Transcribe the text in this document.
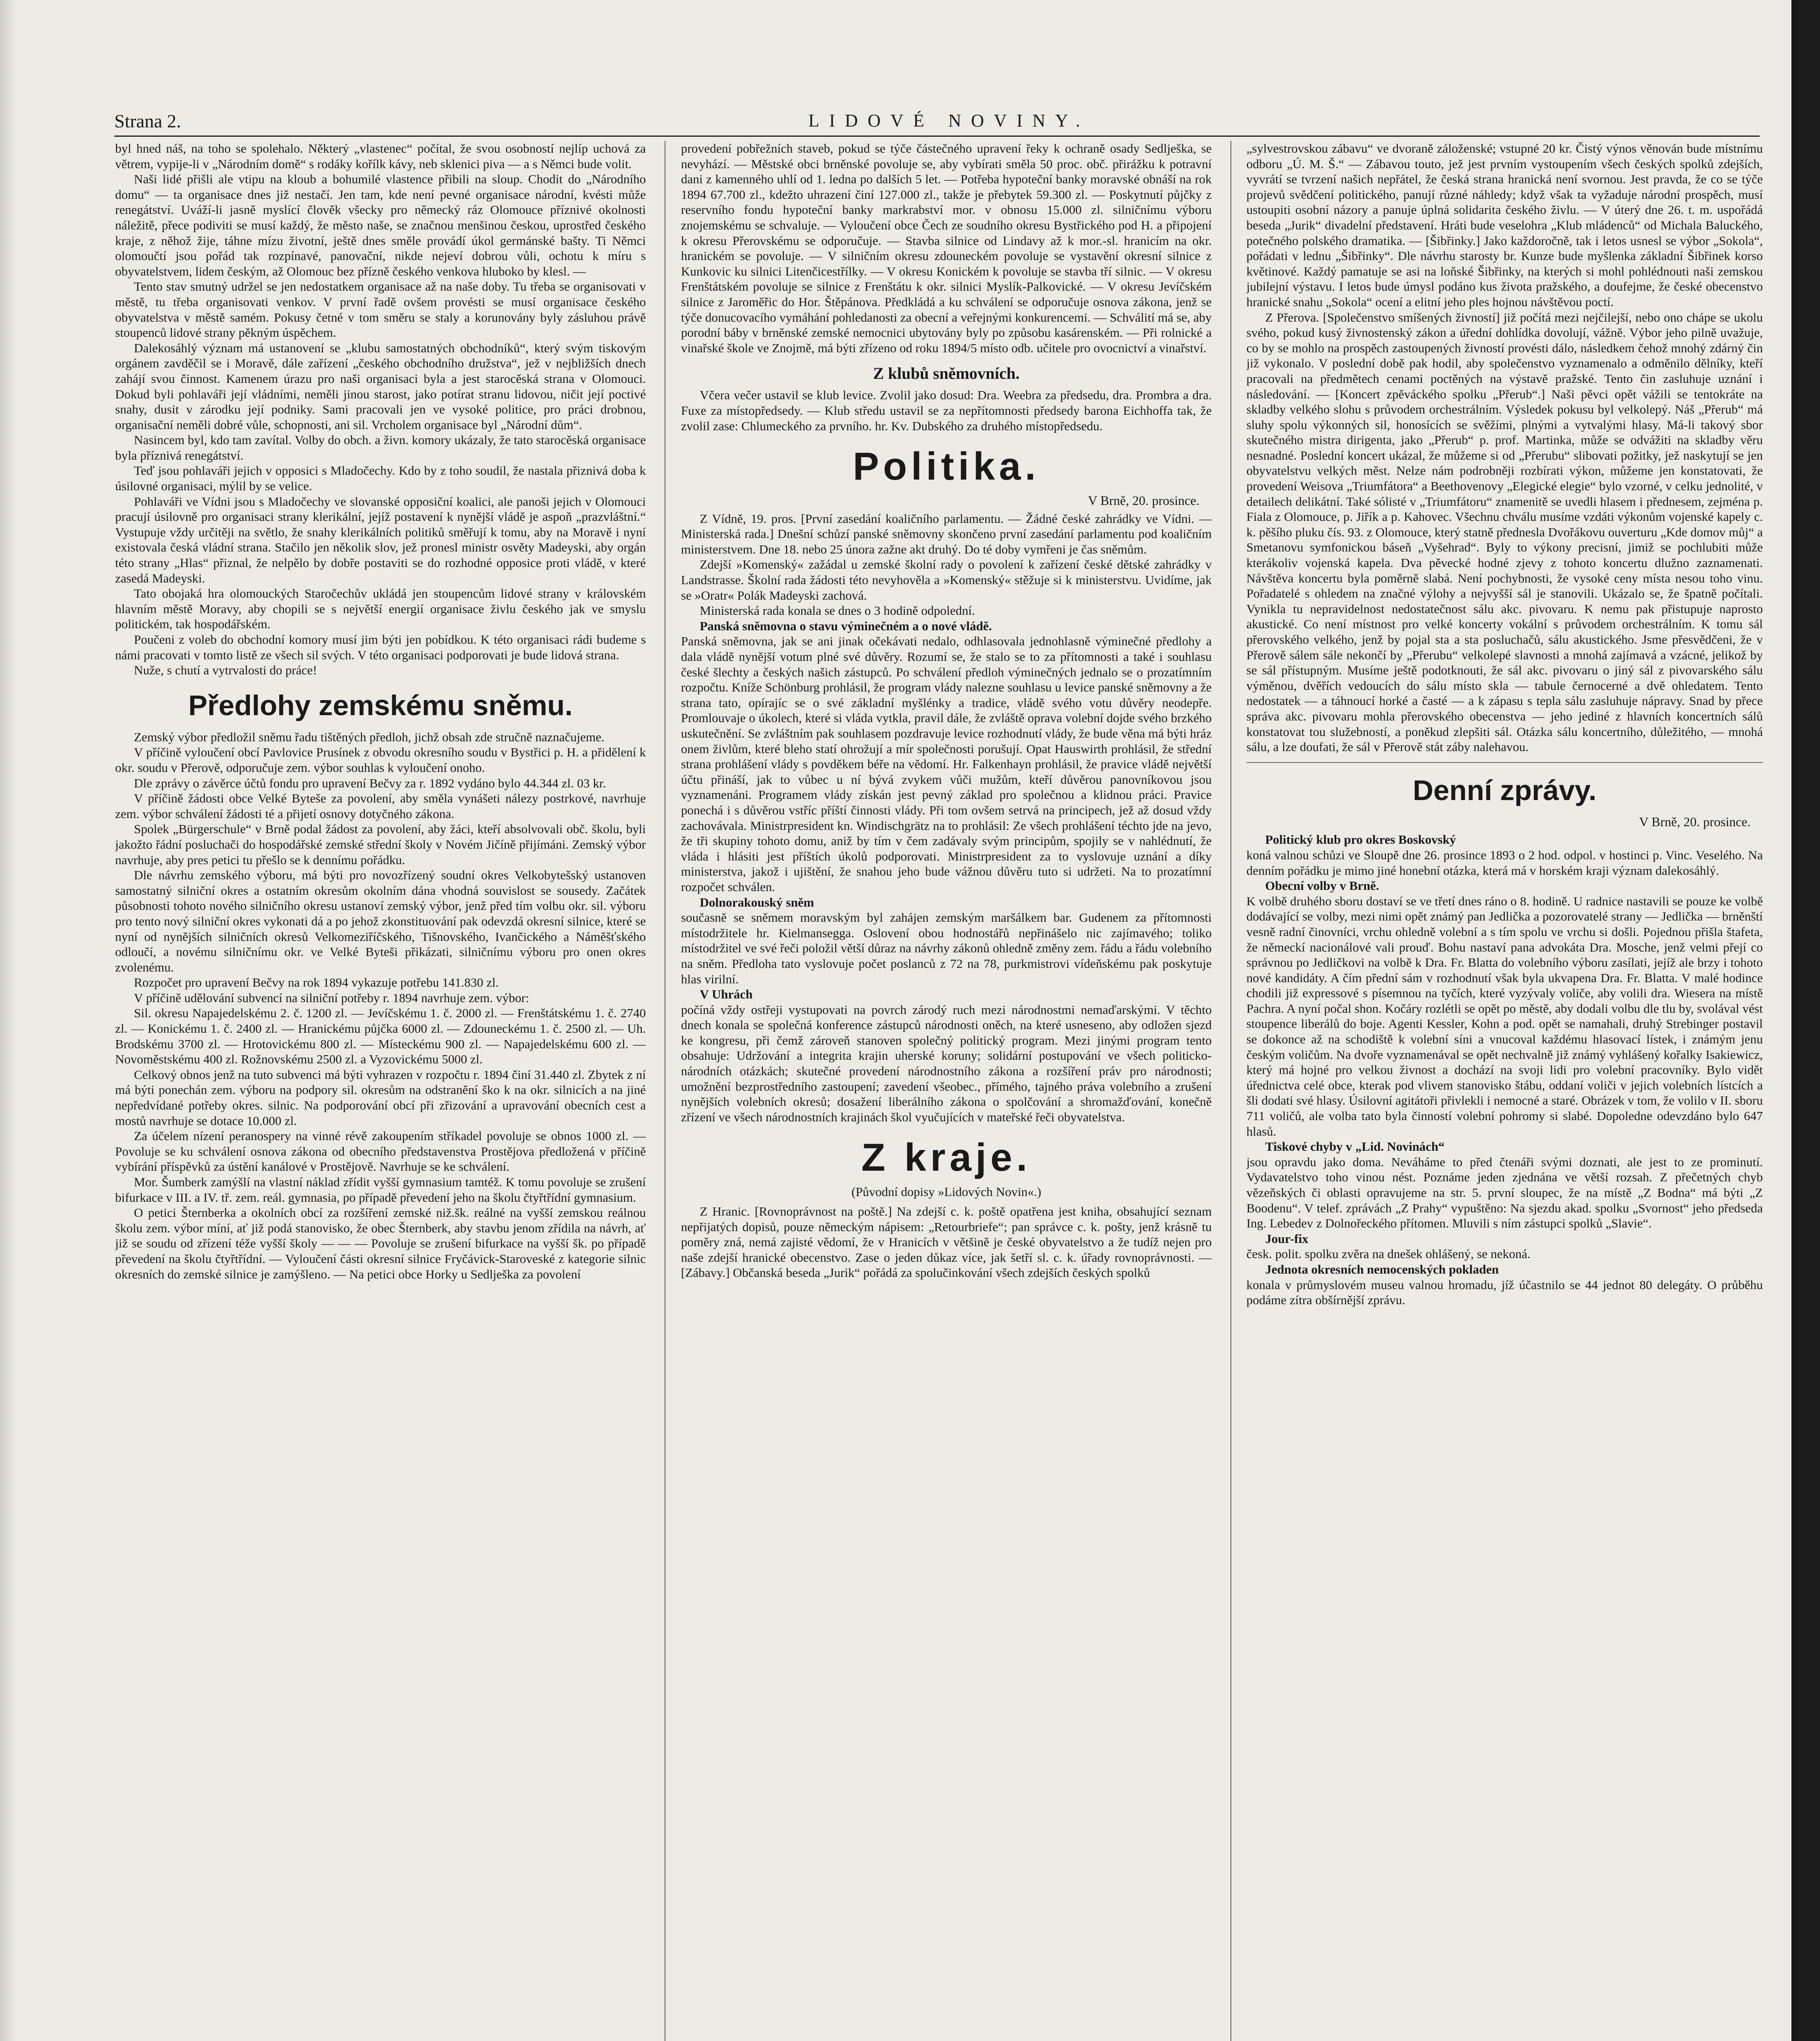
Strana 2.	LIDOVÉ NOVINY.

byl hned náš, na toho se spolehalo. Některý „vlastenec“ počítal, že svou osobností nejlíp uchová za větrem, vypije-li v „Národním domě“ s rodáky kořílk kávy, neb sklenici piva — a s Němci bude volit.

Naši lidé přišli ale vtipu na kloub a bohumilé vlastence přibili na sloup. Chodit do „Národního domu“ — ta organisace dnes již nestačí. Jen tam, kde není pevné organisace národní, kvésti může renegátství. Uváží-li jasně myslící člověk všecky pro německý ráz Olomouce příznivé okolnosti náležitě, přece podiviti se musí každý, že město naše, se značnou menšinou českou, uprostřed českého kraje, z něhož žije, táhne mízu životní, ještě dnes směle provádí úkol germánské bašty. Ti Němci olomoučtí jsou pořád tak rozpínavé, panovační, nikde nejeví dobrou vůli, ochotu k míru s obyvatelstvem, lidem českým, až Olomouc bez přízně českého venkova hluboko by klesl. —

Tento stav smutný udržel se jen nedostatkem organisace až na naše doby. Tu třeba se organisovati v městě, tu třeba organisovati venkov. V první řadě ovšem provésti se musí organisace českého obyvatelstva v městě samém. Pokusy četné v tom směru se staly a korunovány byly zásluhou právě stoupenců lidové strany pěkným úspěchem.

Dalekosáhlý význam má ustanovení se „klubu samostatných obchodníků“, který svým tiskovým orgánem zavděčil se i Moravě, dále zařízení „českého obchodního družstva“, jež v nejbližších dnech zahájí svou činnost. Kamenem úrazu pro naši organisaci byla a jest starocěská strana v Olomouci. Dokud byli pohlaváři její vládními, neměli jinou starost, jako potírat stranu lidovou, ničit její poctivé snahy, dusit v zárodku její podniky. Sami pracovali jen ve vysoké politice, pro práci drobnou, organisační neměli dobré vůle, schopnosti, ani sil. Vrcholem organisace byl „Národní dům“.

Nasincem byl, kdo tam zavítal. Volby do obch. a živn. komory ukázaly, že tato starocěská organisace byla příznivá renegátství.

Teď jsou pohlaváři jejich v opposici s Mladočechy. Kdo by z toho soudil, že nastala přiznivá doba k úsilovné organisaci, mýlil by se velice.

Pohlaváři ve Vídni jsou s Mladočechy ve slovanské opposiční koalici, ale panoši jejich v Olomouci pracují úsilovně pro organisaci strany klerikální, jejíž postavení k nynější vládě je aspoň „prazvláštní.“ Vystupuje vždy určitěji na světlo, že snahy klerikálních politiků směřují k tomu, aby na Moravě i nyní existovala česká vládní strana. Stačilo jen několik slov, jež pronesl ministr osvěty Madeyski, aby orgán této strany „Hlas“ přiznal, že nelpělo by dobře postaviti se do rozhodné opposice proti vládě, v které zasedá Madeyski.

Tato obojaká hra olomouckých Staročechův ukládá jen stoupencům lidové strany v královském hlavním městě Moravy, aby chopili se s největší energií organisace živlu českého jak ve smyslu politickém, tak hospodářském.

Poučeni z voleb do obchodní komory musí jim býti jen pobídkou. K této organisaci rádi budeme s námi pracovati v tomto listě ze všech sil svých. V této organisaci podporovati je bude lidová strana.

Nuže, s chutí a vytrvalosti do práce!

Předlohy zemskému sněmu.

Zemský výbor předložil sněmu řadu tištěných předloh, jichž obsah zde stručně naznačujeme.

V příčině vyloučení obcí Pavlovice Prusínek z obvodu okresního soudu v Bystřici p. H. a přidělení k okr. soudu v Přerově, odporučuje zem. výbor souhlas k vyloučení onoho.

Dle zprávy o závěrce účtů fondu pro upravení Bečvy za r. 1892 vydáno bylo 44.344 zl. 03 kr.

V příčině žádosti obce Velké Bytešе za povolení, aby směla vynášeti nálezy postrkové, navrhuje zem. výbor schválení žádosti té a přijetí osnovy dotyčného zákona.

Spolek „Bürgerschule“ v Brně podal žádost za povolení, aby žáci, kteří absolvovali obč. školu, byli jakožto řádní posluchači do hospodářské zemské střední školy v Novém Jičíně přijímáni. Zemský výbor navrhuje, aby pres petici tu přešlo se k dennímu pořádku.

Dle návrhu zemského výboru, má býti pro novozřízený soudní okres Velkobytešský ustanoven samostatný silniční okres a ostatním okresům okolním dána vhodná souvislost se sousedy. Začátek působnosti tohoto nového silničního okresu ustanoví zemský výbor, jenž před tím volbu okr. sil. výboru pro tento nový silniční okres vykonati dá a po jehož zkonstituování pak odevzdá okresní silnice, které se nyní od nynějších silničních okresů Velkomeziříčského, Tišnovského, Ivančického a Náměšťského odloučí, a novému silničnímu okr. ve Velké Bytešі přikázati, silničnímu výboru pro onen okres zvolenému.

Rozpočet pro upravení Bečvy na rok 1894 vykazuje potřebu 141.830 zl.

V příčině udělování subvencí na silniční potřeby r. 1894 navrhuje zem. výbor:

Sil. okresu Napajedelskému 2. č. 1200 zl. — Jevíčskému 1. č. 2000 zl. — Frenštátskému 1. č. 2740 zl. — Konickému 1. č. 2400 zl. — Hranickému půjčka 6000 zl. — Zdounеckému 1. č. 2500 zl. — Uh. Brodskému 3700 zl. — Hrotovickému 800 zl. — Místeckému 900 zl. — Napajedelskému 600 zl. — Novoměstskému 400 zl. Rožnovskému 2500 zl. a Vyzovickému 5000 zl.

Celkový obnos jenž na tuto subvenci má býti vyhrazen v rozpočtu r. 1894 činí 31.440 zl. Zbytek z ní má býti ponechán zem. výboru na podpory sil. okresům na odstranění ško k na okr. silnicích a na jiné nepředvídané potřeby okres. silnic. Na podporování obcí při zřizování a upravování obecních cest a mostů navrhuje se dotace 10.000 zl.

Za účelem nízení peranospery na vinné révě zakoupením stříkadel povoluje se obnos 1000 zl. — Povoluje se ku schválení osnova zákona od obecního představenstva Prostějova předložená v příčině vybírání příspěvků za ústění kanálové v Prostějově. Navrhuje se ke schválení.

Mor. Šumberk zamýšlí na vlastní náklad zřídit vyšší gymnasium tamtéž. K tomu povoluje se zrušení bifurkace v III. a IV. tř. zem. reál. gymnasia, po případě převedení jeho na školu čtyřtřídní gymnasium.

O petici Šternberka a okolních obcí za rozšíření zemské niž.šk. reálné na vyšší zemskou reálnou školu zem. výbor míní, ať již podá stanovisko, že obec Šternberk, aby stavbu jenom zřídila na návrh, ať již se soudu od zřízení téže vyšší školy — — — Povoluje se zrušení bifurkace na vyšší šk. po případě převedení na školu čtyřtřídní. — Vyloučení části okresní silnice Fryčávick-Staroveské z kategorie silnic okresních do zemské silnice je zamýšleno. — Na petici obce Horky u Sedlješka za povolení

provedení pobřežních staveb, pokud se týče částečného upravení řeky k ochraně osady Sedlješka, se nevyhází. — Městské obci brněnské povoluje se, aby vybírati směla 50 proc. obč. přirážku k potravní dani z kamenného uhlí od 1. ledna po dalších 5 let. — Potřeba hypoteční banky moravské obnáší na rok 1894 67.700 zl., kdežto uhrazení činí 127.000 zl., takže je přebytek 59.300 zl. — Poskytnutí půjčky z reservního fondu hypoteční banky markrabství mor. v obnosu 15.000 zl. silničnímu výboru znojemskému se schvaluje. — Vyloučení obce Čech ze soudního okresu Bystřického pod H. a připojení k okresu Přerovskému se odporučuje. — Stavba silnice od Lindavy až k mor.-sl. hranicím na okr. hranickém se povoluje. — V silničním okresu zdounеckém povoluje se vystavění okresní silnice z Kunkovic ku silnici Litenčicestřílky. — V okresu Konickém k povoluje se stavba tří silnic. — V okresu Frenštátském povoluje se silnice z Frenštátu k okr. silnici Myslík-Palkovické. — V okresu Jevíčském silnice z Jaroměřic do Hor. Štěpánova. Předkládá a ku schválení se odporučuje osnova zákona, jenž se týče donucovacího vymáhání pohledanosti za obecní a veřejnými konkurencemi. — Schválití má se, aby porodní báby v brněnské zemské nemocnici ubytovány byly po způsobu kasárenském. — Při rolnické a vinařské škole ve Znojmě, má býti zřízeno od roku 1894/5 místo odb. učitele pro ovocnictví a vinařství.

Z klubů sněmovních.

Včera večer ustavil se klub levice. Zvolil jako dosud: Dra. Weebra za předsedu, dra. Prombra a dra. Fuxe za místopředsedy. — Klub středu ustavil se za nepřítomnosti předsedy barona Eichhoffa tak, že zvolil zase: Chlumeckého za prvního. hr. Kv. Dubského za druhého místopředsedu.

Politika.
V Brně, 20. prosince.

Z Vídně, 19. pros. [První zasedání koaličního parlamentu. — Žádné české zahrádky ve Vídni. — Ministerská rada.] Dnešní schůzí panské sněmovny skončeno první zasedání parlamentu pod koaličním ministerstvem. Dne 18. nebo 25 února zažne akt druhý. Do té doby vymřeni je čas sněmům.

Zdejší »Komenský« zažádal u zemské školní rady o povolení k zařízení české dětské zahrádky v Landstrasse. Školní rada žádosti této nevyhověla a »Komenský« stěžuje si k ministerstvu. Uvidíme, jak se »Oratr« Polák Madeyski zachová.

Ministerská rada konala se dnes o 3 hodině odpolední.

Panská sněmovna o stavu výminečném a o nové vládě.

Panská sněmovna, jak se ani jinak očekávati nedalo, odhlasovala jednohlasně výminečné předlohy a dala vládě nynější votum plné své důvěry. Rozumí se, že stalo se to za přítomnosti a také i souhlasu české šlechty a českých našich zástupců. Po schválení předloh výminečných jednalo se o prozatímním rozpočtu. Kníže Schönburg prohlásil, že program vlády nalezne souhlasu u levice panské sněmovny a že strana tato, opírajíc se o své základní myšlénky a tradice, vládě svého votu důvěry neodepře. Promlouvaje o úkolech, které si vláda vytkla, pravil dále, že zvláště oprava volební dojde svého brzkého uskutečnění. Se zvláštním pak souhlasem pozdravuje levice rozhodnutí vlády, že bude věna má býti hráz onem živlům, které bleho statí ohrožují a mír společnosti porušují. Opat Hauswirth prohlásil, že střední strana prohlášení vlády s povděkem béře na vědomí. Hr. Falkenhayn prohlásil, že pravice vládě největší účtu přináší, jak to vůbec u ní bývá zvykem vůči mužům, kteří důvěrou panovníkovou jsou vyznamenáni. Programem vlády získán jest pevný základ pro společnou a klidnou práci. Pravice ponechá i s důvěrou vstříc příští činnosti vlády. Při tom ovšem setrvá na principech, jež až dosud vždy zachovávala. Ministrpresident kn. Windischgrätz na to prohlásil: Ze všech prohlášení téchto jde na jevo, že tři skupiny tohoto domu, aniž by tím v čem zadávaly svým principům, spojily se v nahlédnutí, že vláda i hlásiti jest příštích úkolů podporovati. Ministrpresident za to vyslovuje uznání a díky ministerstva, jakož i ujištění, že snahou jeho bude vážnou důvěru tuto si udržeti. Na to prozatímní rozpočet schválen.

Dolnorakouský sněm

současně se sněmem moravským byl zahájen zemským maršálkem bar. Gudenem za přítomnosti místodržitele hr. Kielmansegga. Oslovení obou hodnostářů nepřinášelo nic zajímavého; toliko místodržitel ve své řeči položil větší důraz na návrhy zákonů ohledně změny zem. řádu a řádu volebního na sněm. Předloha tato vyslovuje počet poslanců z 72 na 78, purkmistrovi vídeňskému pak poskytuje hlas virilní.

V Uhrách

počíná vždy ostřeji vystupovati na povrch zárodý ruch mezi národnostmi nemaďarskými. V těchto dnech konala se společná konference zástupců národnosti oněch, na které usneseno, aby odložen sjezd ke kongresu, při čemž zároveň stanoven společný politický program. Mezi jinými program tento obsahuje: Udržování a integrita krajin uherské koruny; solidární postupování ve všech politicko-národních otázkách; skutečné provedení národnostního zákona a rozšíření práv pro národnosti; umožnění bezprostředního zastoupení; zavedení všeobec., přímého, tajného práva volebního a zrušení nynějších volebních okresů; dosažení liberálního zákona o spolčování a shromažďování, konečně zřízení ve všech národnostních krajinách škol vyučujících v mateřské řeči obyvatelstva.

Z kraje.
(Původní dopisy »Lidových Novin«.)

Z Hranic. [Rovnoprávnost na poště.] Na zdejší c. k. poště opatřena jest kniha, obsahující seznam nepřijatých dopisů, pouze německým nápisem: „Retourbriefe“; pan správce c. k. pošty, jenž krásně tu poměry zná, nemá zajisté vědomí, že v Hranicích v většině je české obyvatelstvo a že tudíž nejen pro naše zdejší hranické obecenstvo. Zase o jeden důkaz více, jak šetří sl. c. k. úřady rovnoprávnosti. — [Zábavy.] Občanská beseda „Jurik“ pořádá za spolučinkování všech zdejších českých spolků

„sylvestrovskou zábavu“ ve dvoraně záloženské; vstupné 20 kr. Čistý výnos věnován bude místnímu odboru „Ú. M. Š.“ — Zábavou touto, jež jest prvním vystoupením všech českých spolků zdejších, vyvrátí se tvrzení našich nepřátel, že česká strana hranická není svornou. Jest pravda, že co se týče projevů svědčení politického, panují různé náhledy; když však ta vyžaduje národní prospěch, musí ustoupiti osobní názory a panuje úplná solidarita českého živlu. — V úterý dne 26. t. m. uspořádá beseda „Jurik“ divadelní představení. Hráti bude veselohra „Klub mládenců“ od Michala Baluckého, potečného polského dramatika. — [Šibřinky.] Jako každoročně, tak i letos usnesl se výbor „Sokola“, pořádati v lednu „Šibřinky“. Dle návrhu starosty br. Kunze bude myšlenka základní Šibřinek korso květinové. Každý pamatuje se asi na loňské Šibřinky, na kterých si mohl pohlédnouti naši zemskou jubilejní výstavu. I letos bude úmysl podáno kus života pražského, a doufejme, že české obecenstvo hranické snahu „Sokola“ ocení a elitní jeho ples hojnou návštěvou poctí.

Z Přerova. [Společenstvo smíšených živností] již počítá mezi nejčilejší, nebo ono chápe se ukolu svého, pokud kusý živnostenský zákon a úřední dohlídka dovolují, vážně. Výbor jeho pilně uvažuje, co by se mohlo na prospěch zastoupených živností provésti dálo, následkem čehož mnohý zdárný čin již vykonalo. V poslední době pak hodil, aby společenstvo vyznamenalo a odměnilo dělníky, kteří pracovali na předmětech cenami poctěných na výstavě pražské. Tento čin zasluhuje uznání i následování. — [Koncert zpěváckého spolku „Přerub“.] Naši pěvci opět vážili se tentokráte na skladby velkého slohu s průvodem orchestrálním. Výsledek pokusu byl velkolepý. Náš „Přerub“ má sluhy spolu výkonných sil, honosících se svěžími, plnými a vytvalými hlasy. Má-li takový sbor skutečného mistra dirigenta, jako „Přerub“ p. prof. Martinka, může se odvážiti na skladby věru nesnadné. Poslední koncert ukázal, že můžeme si od „Přerubu“ slibovati požitky, jež naskytují se jen obyvatelstvu velkých měst. Nelze nám podrobněji rozbírati výkon, můžeme jen konstatovati, že provedení Weisova „Triumfátora“ a Beethovenovy „Elegické elegie“ bylo vzorné, v celku jednolité, v detailech delikátní. Také sólisté v „Triumfátoru“ znamenitě se uvedli hlasem i přednesem, zejména p. Fiala z Olomouce, p. Jiřík a p. Kahovec. Všechnu chválu musíme vzdáti výkonům vojenské kapely c. k. pěšího pluku čís. 93. z Olomouce, který statně přednesla Dvořákovu ouverturu „Kde domov můj“ a Smetanovu symfonickou báseň „Vyšehrad“. Byly to výkony precisní, jimiž se pochlubiti může kterákoliv vojenská kapela. Dva pěvecké hodné zjevy z tohoto koncertu dlužno zaznamenati. Návštěva koncertu byla poměrně slabá. Není pochybnosti, že vysoké ceny místa nesou toho vinu. Pořadatelé s ohledem na značné výlohy a nejvyšší sál je stanovili. Ukázalo se, že špatně počítali. Vynikla tu nepravidelnost nedostatečnost sálu akc. pivovaru. K nemu pak přistupuje naprosto akustické. Co není místnost pro velké koncerty vokální s průvodem orchestrálním. K tomu sál přerovského velkého, jenž by pojal sta a sta posluchačů, sálu akustického. Jsme přesvědčeni, že v Přerově sálem sále nekončí by „Přerubu“ velkolepé slavnosti a mnohá zajímavá a vzácné, jelikož by se sál přístupným. Musíme ještě podotknouti, že sál akc. pivovaru o jiný sál z pivovarského sálu výměnou, dvěřích vedoucích do sálu místo skla — tabule černocerné a dvě ohledatem. Tento nedostatek — a táhnoucí horké a časté — a k zápasu s tepla sálu zasluhuje nápravy. Snad by přece správa akc. pivovaru mohla přerovského obecenstva — jeho jediné z hlavních koncertních sálů konstatovat tou služebností, a poněkud zlepšiti sál. Otázka sálu koncertního, důležitého, — mnohá sálu, a lze doufati, že sál v Přerově stát záby nalehavou.

Denní zprávy.
V Brně, 20. prosince.

Politický klub pro okres Boskovský

koná valnou schůzi ve Sloupě dne 26. prosince 1893 o 2 hod. odpol. v hostinci p. Vinc. Veselého. Na denním pořádku je mimo jiné honební otázka, která má v horském kraji význam dalekosáhlý.

Obecní volby v Brně.

K volbě druhého sboru dostaví se ve třetí dnes ráno o 8. hodině. U radnice nastavili se pouze ke volbě dodávající se volby, mezi nimi opět známý pan Jedlička a pozorovatelé strany — Jedlička — brněnští vesně radní činovníci, vrchu ohledně volební a s tím spolu ve vrchu si došli. Pojednou přišla štafeta, že německí nacionálové vali prouď. Bohu nastaví pana advokáta Dra. Mosche, jenž velmi přejí co správnou po Jedličkovi na volbě k Dra. Fr. Blatta do volebního výboru zasílati, jejíž ale brzy i tohoto nové kandidáty. A čím přední sám v rozhodnutí však byla ukvapena Dra. Fr. Blatta. V malé hodince chodili již expressové s písemnou na tyčích, které vyzývaly voliče, aby volili dra. Wiesera na místě Pachra. A nyní počal shon. Kočáry rozlétli se opět po městě, aby dodali volbu dle tlu by, svolával vést stoupence liberálů do boje. Agenti Kessler, Kohn a pod. opět se namahali, druhý Strebinger postavil se dokonce až na schodiště k volební síni a vnucoval každému hlasovací lístek, i známým jenu českým voličům. Na dvoře vyznamenával se opět nechvalně již známý vyhlášený kořalky Isakiewicz, který má hojné pro velkou živnost a dochází na svoji lidi pro volební pracovníky. Bylo vidět úřednictva celé obce, kterak pod vlivem stanovisko štábu, oddaní voliči v jejich volebních lístcích a šli dodati své hlasy. Úsilovní agitátoři přivlekli i nemocné a staré. Obrázek v tom, že volilo v II. sboru 711 voličů, ale volba tato byla činností volební pohromy si slabé. Dopoledne odevzdáno bylo 647 hlasů.

Tiskové chyby v „Lid. Novinách“

jsou opravdu jako doma. Neváháme to před čtenáři svými doznati, ale jest to ze prominutí. Vydavatelstvo toho vinou nést. Poznáme jeden zjednána ve větší rozsah. Z přečetných chyb vězeňských či oblasti opravujeme na str. 5. první sloupec, že na místě „Z Bodna“ má býti „Z Boodenu“. V telef. zprávách „Z Prahy“ vypuštěno: Na sjezdu akad. spolku „Svornost“ jeho předseda Ing. Lebedev z Dolnořeckého přítomen. Mluvili s ním zástupci spolků „Slavie“.

Jour-fix

česk. polit. spolku zvěra na dnešek ohlášený, se nekoná.

Jednota okresních nemocenských pokladen

konala v průmyslovém museu valnou hromadu, jíž účastnilo se 44 jednot 80 delegáty. O průběhu podáme zítra obšírnější zprávu.
